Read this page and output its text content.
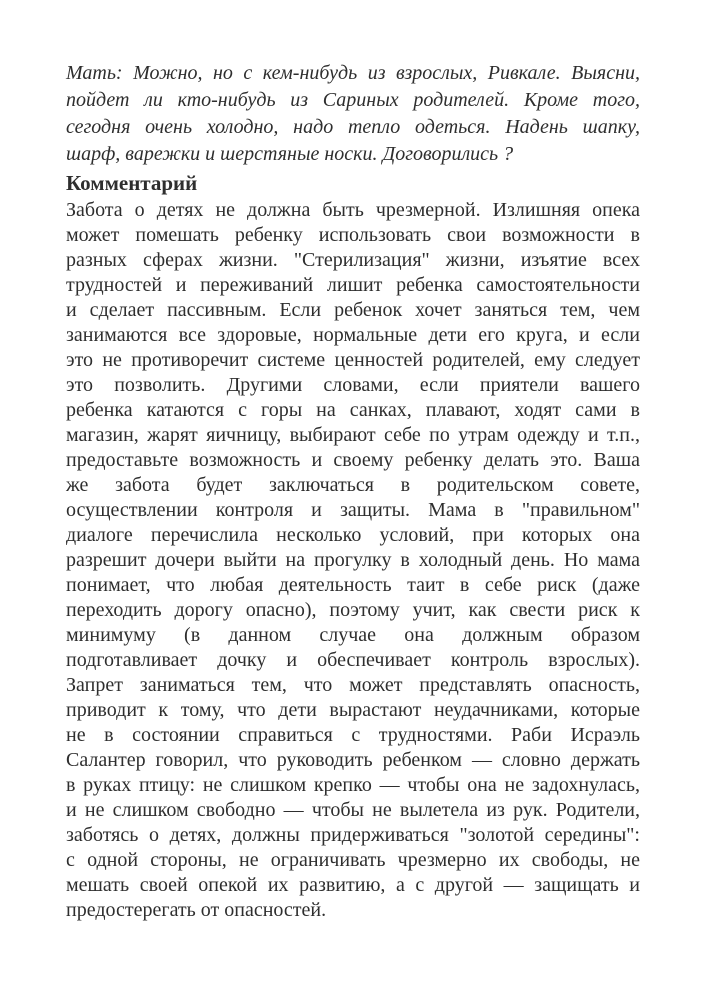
Мать: Можно, но с кем-нибудь из взрослых, Ривкале. Выясни,
пойдет ли кто-нибудь из Сариных родителей. Кроме того,
сегодня очень холодно, надо тепло одеться. Надень шапку,
шарф, варежки и шерстяные носки. Договорились ?
Комментарий
Забота о детях не должна быть чрезмерной. Излишняя опека
может помешать ребенку использовать свои возможности в
разных сферах жизни. "Стерилизация" жизни, изъятие всех
трудностей и переживаний лишит ребенка самостоятельности
и сделает пассивным. Если ребенок хочет заняться тем, чем
занимаются все здоровые, нормальные дети его круга, и если
это не противоречит системе ценностей родителей, ему следует
это позволить. Другими словами, если приятели вашего
ребенка катаются с горы на санках, плавают, ходят сами в
магазин, жарят яичницу, выбирают себе по утрам одежду и т.п.,
предоставьте возможность и своему ребенку делать это. Ваша
же забота будет заключаться в родительском совете,
осуществлении контроля и защиты. Мама в "правильном"
диалоге перечислила несколько условий, при которых она
разрешит дочери выйти на прогулку в холодный день. Но мама
понимает, что любая деятельность таит в себе риск (даже
переходить дорогу опасно), поэтому учит, как свести риск к
минимуму (в данном случае она должным образом
подготавливает дочку и обеспечивает контроль взрослых).
Запрет заниматься тем, что может представлять опасность,
приводит к тому, что дети вырастают неудачниками, которые
не в состоянии справиться с трудностями. Раби Исраэль
Салантер говорил, что руководить ребенком — словно держать
в руках птицу: не слишком крепко — чтобы она не задохнулась,
и не слишком свободно — чтобы не вылетела из рук. Родители,
заботясь о детях, должны придерживаться "золотой середины":
с одной стороны, не ограничивать чрезмерно их свободы, не
мешать своей опекой их развитию, а с другой — защищать и
предостерегать от опасностей.
